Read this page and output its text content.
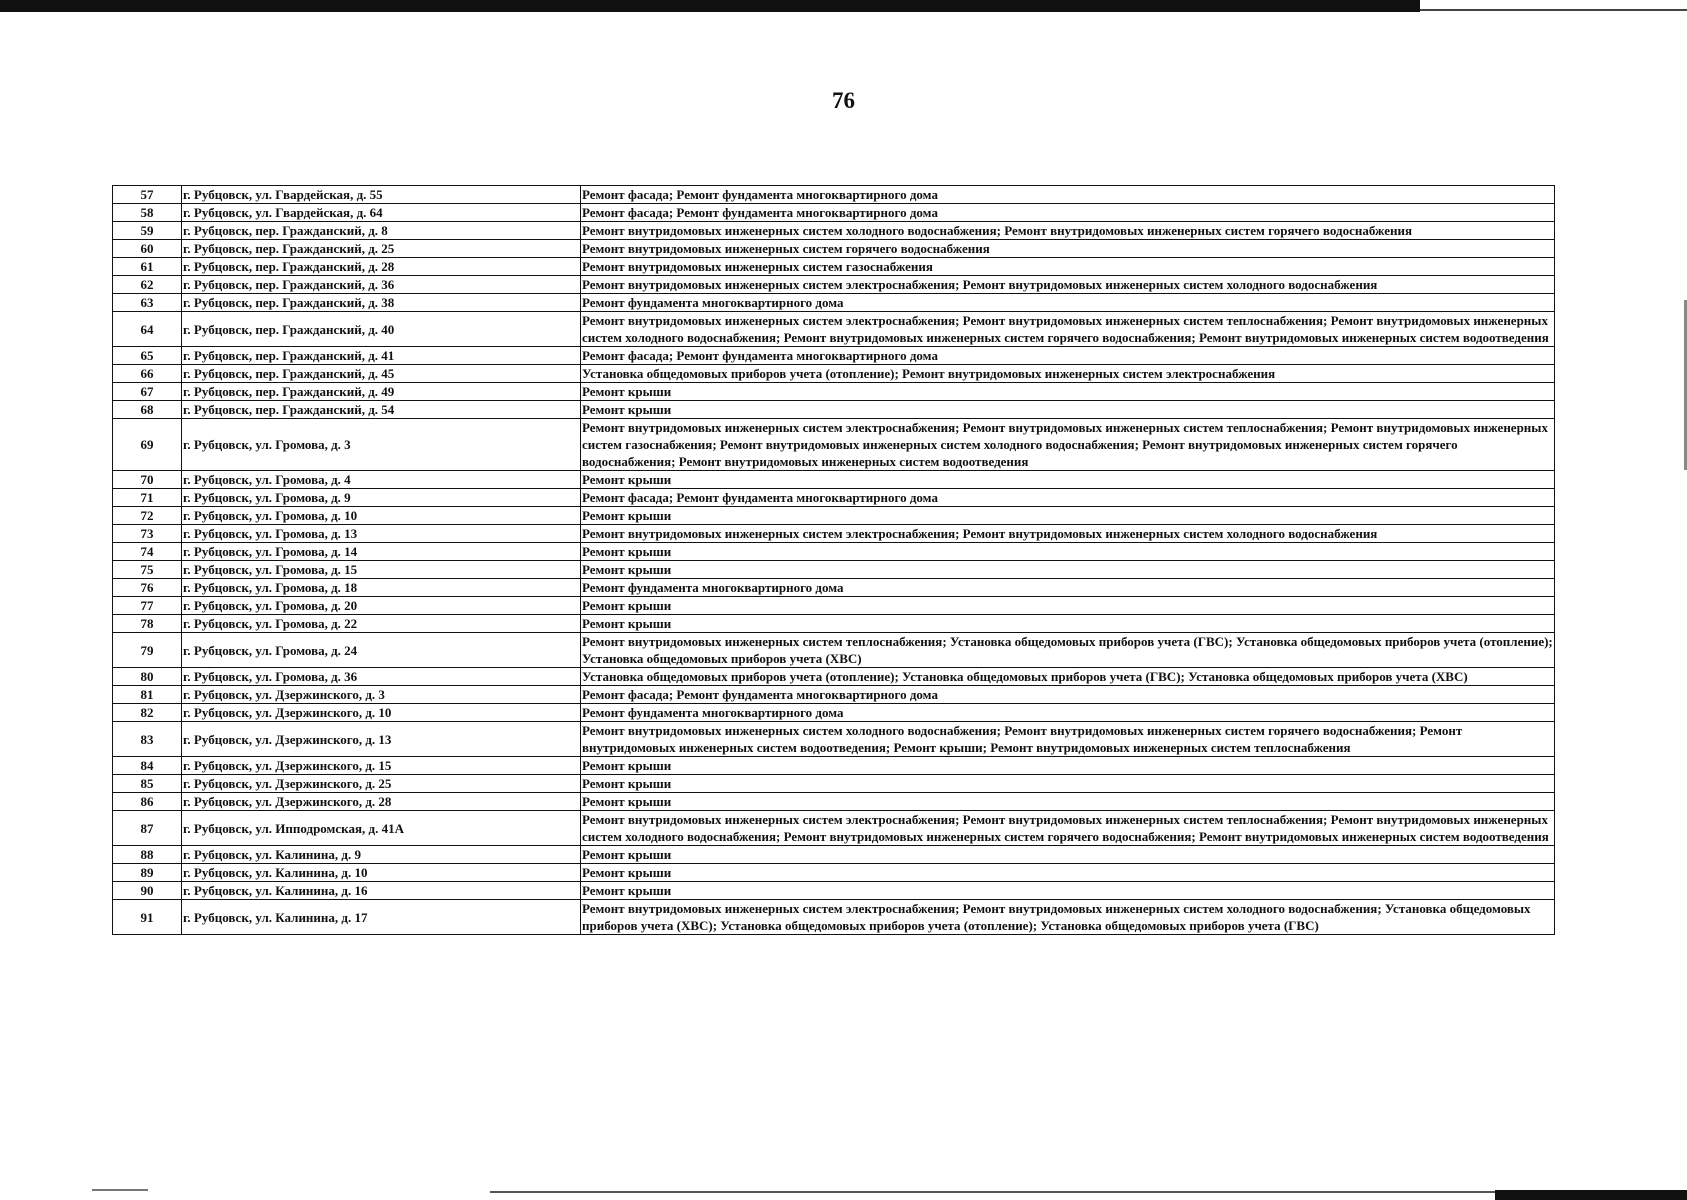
76
57	г. Рубцовск, ул. Гвардейская, д. 55	Ремонт фасада; Ремонт фундамента многоквартирного дома
58	г. Рубцовск, ул. Гвардейская, д. 64	Ремонт фасада; Ремонт фундамента многоквартирного дома
59	г. Рубцовск, пер. Гражданский, д. 8	Ремонт внутридомовых инженерных систем холодного водоснабжения; Ремонт внутридомовых инженерных систем горячего водоснабжения
60	г. Рубцовск, пер. Гражданский, д. 25	Ремонт внутридомовых инженерных систем горячего водоснабжения
61	г. Рубцовск, пер. Гражданский, д. 28	Ремонт внутридомовых инженерных систем газоснабжения
62	г. Рубцовск, пер. Гражданский, д. 36	Ремонт внутридомовых инженерных систем электроснабжения; Ремонт внутридомовых инженерных систем холодного водоснабжения
63	г. Рубцовск, пер. Гражданский, д. 38	Ремонт фундамента многоквартирного дома
64	г. Рубцовск, пер. Гражданский, д. 40	Ремонт внутридомовых инженерных систем электроснабжения; Ремонт внутридомовых инженерных систем теплоснабжения; Ремонт внутридомовых инженерных систем холодного водоснабжения; Ремонт внутридомовых инженерных систем горячего водоснабжения; Ремонт внутридомовых инженерных систем водоотведения
65	г. Рубцовск, пер. Гражданский, д. 41	Ремонт фасада; Ремонт фундамента многоквартирного дома
66	г. Рубцовск, пер. Гражданский, д. 45	Установка общедомовых приборов учета (отопление); Ремонт внутридомовых инженерных систем электроснабжения
67	г. Рубцовск, пер. Гражданский, д. 49	Ремонт крыши
68	г. Рубцовск, пер. Гражданский, д. 54	Ремонт крыши
69	г. Рубцовск, ул. Громова, д. 3	Ремонт внутридомовых инженерных систем электроснабжения; Ремонт внутридомовых инженерных систем теплоснабжения; Ремонт внутридомовых инженерных систем газоснабжения; Ремонт внутридомовых инженерных систем холодного водоснабжения; Ремонт внутридомовых инженерных систем горячего водоснабжения; Ремонт внутридомовых инженерных систем водоотведения
70	г. Рубцовск, ул. Громова, д. 4	Ремонт крыши
71	г. Рубцовск, ул. Громова, д. 9	Ремонт фасада; Ремонт фундамента многоквартирного дома
72	г. Рубцовск, ул. Громова, д. 10	Ремонт крыши
73	г. Рубцовск, ул. Громова, д. 13	Ремонт внутридомовых инженерных систем электроснабжения; Ремонт внутридомовых инженерных систем холодного водоснабжения
74	г. Рубцовск, ул. Громова, д. 14	Ремонт крыши
75	г. Рубцовск, ул. Громова, д. 15	Ремонт крыши
76	г. Рубцовск, ул. Громова, д. 18	Ремонт фундамента многоквартирного дома
77	г. Рубцовск, ул. Громова, д. 20	Ремонт крыши
78	г. Рубцовск, ул. Громова, д. 22	Ремонт крыши
79	г. Рубцовск, ул. Громова, д. 24	Ремонт внутридомовых инженерных систем теплоснабжения; Установка общедомовых приборов учета (ГВС); Установка общедомовых приборов учета (отопление); Установка общедомовых приборов учета (ХВС)
80	г. Рубцовск, ул. Громова, д. 36	Установка общедомовых приборов учета (отопление); Установка общедомовых приборов учета (ГВС); Установка общедомовых приборов учета (ХВС)
81	г. Рубцовск, ул. Дзержинского, д. 3	Ремонт фасада; Ремонт фундамента многоквартирного дома
82	г. Рубцовск, ул. Дзержинского, д. 10	Ремонт фундамента многоквартирного дома
83	г. Рубцовск, ул. Дзержинского, д. 13	Ремонт внутридомовых инженерных систем холодного водоснабжения; Ремонт внутридомовых инженерных систем горячего водоснабжения; Ремонт внутридомовых инженерных систем водоотведения; Ремонт крыши; Ремонт внутридомовых инженерных систем теплоснабжения
84	г. Рубцовск, ул. Дзержинского, д. 15	Ремонт крыши
85	г. Рубцовск, ул. Дзержинского, д. 25	Ремонт крыши
86	г. Рубцовск, ул. Дзержинского, д. 28	Ремонт крыши
87	г. Рубцовск, ул. Ипподромская, д. 41А	Ремонт внутридомовых инженерных систем электроснабжения; Ремонт внутридомовых инженерных систем теплоснабжения; Ремонт внутридомовых инженерных систем холодного водоснабжения; Ремонт внутридомовых инженерных систем горячего водоснабжения; Ремонт внутридомовых инженерных систем водоотведения
88	г. Рубцовск, ул. Калинина, д. 9	Ремонт крыши
89	г. Рубцовск, ул. Калинина, д. 10	Ремонт крыши
90	г. Рубцовск, ул. Калинина, д. 16	Ремонт крыши
91	г. Рубцовск, ул. Калинина, д. 17	Ремонт внутридомовых инженерных систем электроснабжения; Ремонт внутридомовых инженерных систем холодного водоснабжения; Установка общедомовых приборов учета (ХВС); Установка общедомовых приборов учета (отопление); Установка общедомовых приборов учета (ГВС)
